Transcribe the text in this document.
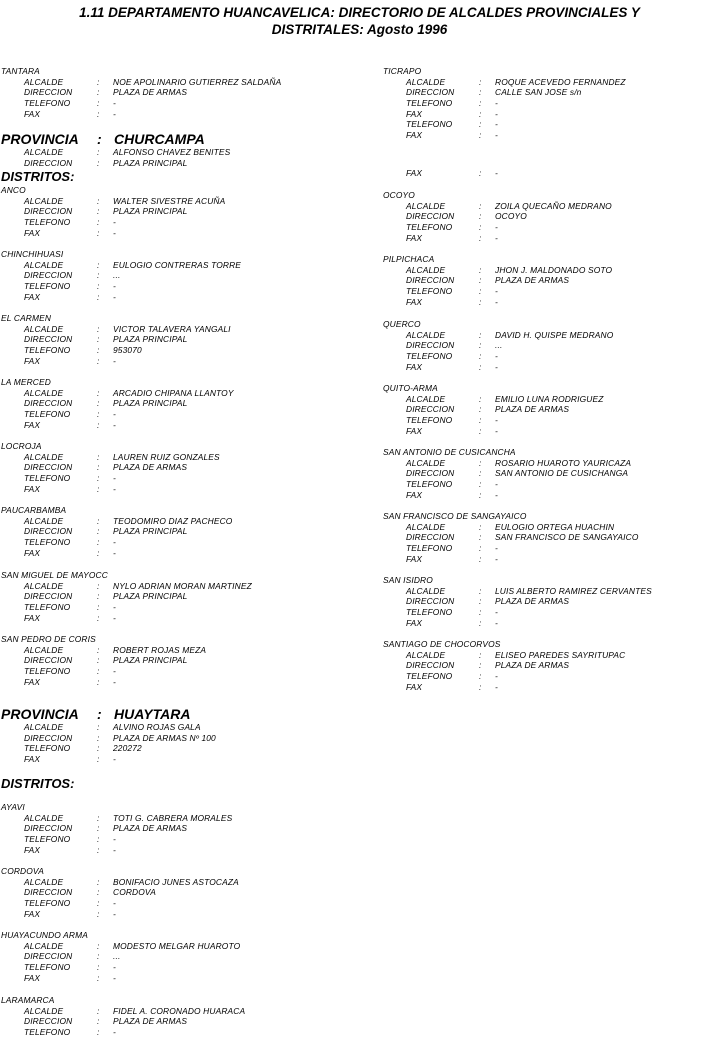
1.11 DEPARTAMENTO HUANCAVELICA: DIRECTORIO DE ALCALDES PROVINCIALES Y
DISTRITALES: Agosto 1996
TANTARA
ALCALDE	: NOE APOLINARIO GUTIERREZ SALDAÑA
DIRECCION	: PLAZA DE ARMAS
TELEFONO	: -
FAX	: -
PROVINCIA : CHURCAMPA
ALCALDE	: ALFONSO CHAVEZ BENITES
DIRECCION	: PLAZA PRINCIPAL
DISTRITOS:
ANCO
ALCALDE	: WALTER SIVESTRE ACUÑA
DIRECCION	: PLAZA PRINCIPAL
TELEFONO	: -
FAX	: -
CHINCHIHUASI
ALCALDE	: EULOGIO CONTRERAS TORRE
DIRECCION	: ...
TELEFONO	: -
FAX	: -
EL CARMEN
ALCALDE	: VICTOR TALAVERA YANGALI
DIRECCION	: PLAZA PRINCIPAL
TELEFONO	: 953070
FAX	: -
LA MERCED
ALCALDE	: ARCADIO CHIPANA LLANTOY
DIRECCION	: PLAZA PRINCIPAL
TELEFONO	: -
FAX	: -
LOCROJA
ALCALDE	: LAUREN RUIZ GONZALES
DIRECCION	: PLAZA DE ARMAS
TELEFONO	: -
FAX	: -
PAUCARBAMBA
ALCALDE	: TEODOMIRO DIAZ PACHECO
DIRECCION	: PLAZA PRINCIPAL
TELEFONO	: -
FAX	: -
SAN MIGUEL DE MAYOCC
ALCALDE	: NYLO ADRIAN MORAN MARTINEZ
DIRECCION	: PLAZA PRINCIPAL
TELEFONO	: -
FAX	: -
SAN PEDRO DE CORIS
ALCALDE	: ROBERT ROJAS MEZA
DIRECCION	: PLAZA PRINCIPAL
TELEFONO	: -
FAX	: -
PROVINCIA : HUAYTARA
ALCALDE	: ALVINO ROJAS GALA
DIRECCION	: PLAZA DE ARMAS Nº 100
TELEFONO	: 220272
FAX	: -
DISTRITOS:
AYAVI
ALCALDE	: TOTI G. CABRERA MORALES
DIRECCION	: PLAZA DE ARMAS
TELEFONO	: -
FAX	: -
CORDOVA
ALCALDE	: BONIFACIO JUNES ASTOCAZA
DIRECCION	: CORDOVA
TELEFONO	: -
FAX	: -
HUAYACUNDO ARMA
ALCALDE	: MODESTO MELGAR HUAROTO
DIRECCION	: ...
TELEFONO	: -
FAX	: -
LARAMARCA
ALCALDE	: FIDEL A. CORONADO HUARACA
DIRECCION	: PLAZA DE ARMAS
TELEFONO	: -
TICRAPO
ALCALDE	: ROQUE ACEVEDO FERNANDEZ
DIRECCION	: CALLE SAN JOSE s/n
TELEFONO	: -
FAX	: -
TELEFONO	: -
FAX	: -
FAX	: -
OCOYO
ALCALDE	: ZOILA QUECAÑO MEDRANO
DIRECCION	: OCOYO
TELEFONO	: -
FAX	: -
PILPICHACA
ALCALDE	: JHON J. MALDONADO SOTO
DIRECCION	: PLAZA DE ARMAS
TELEFONO	: -
FAX	: -
QUERCO
ALCALDE	: DAVID H. QUISPE MEDRANO
DIRECCION	: ...
TELEFONO	: -
FAX	: -
QUITO-ARMA
ALCALDE	: EMILIO LUNA RODRIGUEZ
DIRECCION	: PLAZA DE ARMAS
TELEFONO	: -
FAX	: -
SAN ANTONIO DE CUSICANCHA
ALCALDE	: ROSARIO HUAROTO YAURICAZA
DIRECCION	: SAN ANTONIO DE CUSICHANGA
TELEFONO	: -
FAX	: -
SAN FRANCISCO DE SANGAYAICO
ALCALDE	: EULOGIO ORTEGA HUACHIN
DIRECCION	: SAN FRANCISCO DE SANGAYAICO
TELEFONO	: -
FAX	: -
SAN ISIDRO
ALCALDE	: LUIS ALBERTO RAMIREZ CERVANTES
DIRECCION	: PLAZA DE ARMAS
TELEFONO	: -
FAX	: -
SANTIAGO DE CHOCORVOS
ALCALDE	: ELISEO PAREDES SAYRITUPAC
DIRECCION	: PLAZA DE ARMAS
TELEFONO	: -
FAX	: -
